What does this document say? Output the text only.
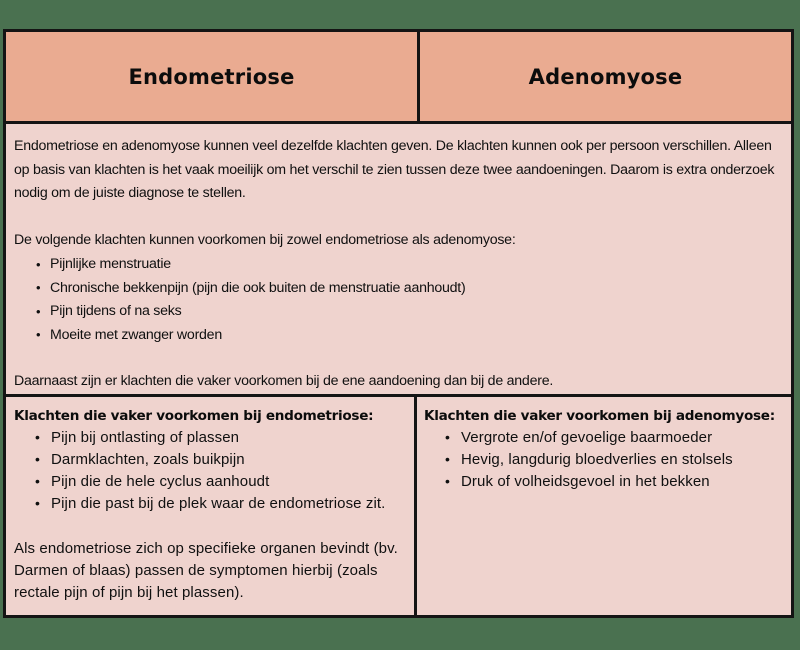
Endometriose	Adenomyose

Endometriose en adenomyose kunnen veel dezelfde klachten geven. De klachten kunnen ook per persoon verschillen. Alleen op basis van klachten is het vaak moeilijk om het verschil te zien tussen deze twee aandoeningen. Daarom is extra onderzoek nodig om de juiste diagnose te stellen.

De volgende klachten kunnen voorkomen bij zowel endometriose als adenomyose:

• Pijnlijke menstruatie
• Chronische bekkenpijn (pijn die ook buiten de menstruatie aanhoudt)
• Pijn tijdens of na seks
• Moeite met zwanger worden

Daarnaast zijn er klachten die vaker voorkomen bij de ene aandoening dan bij de andere.

Klachten die vaker voorkomen bij endometriose:
• Pijn bij ontlasting of plassen
• Darmklachten, zoals buikpijn
• Pijn die de hele cyclus aanhoudt
• Pijn die past bij de plek waar de endometriose zit.

Als endometriose zich op specifieke organen bevindt (bv. Darmen of blaas) passen de symptomen hierbij (zoals rectale pijn of pijn bij het plassen).

Klachten die vaker voorkomen bij adenomyose:
• Vergrote en/of gevoelige baarmoeder
• Hevig, langdurig bloedverlies en stolsels
• Druk of volheidsgevoel in het bekken
